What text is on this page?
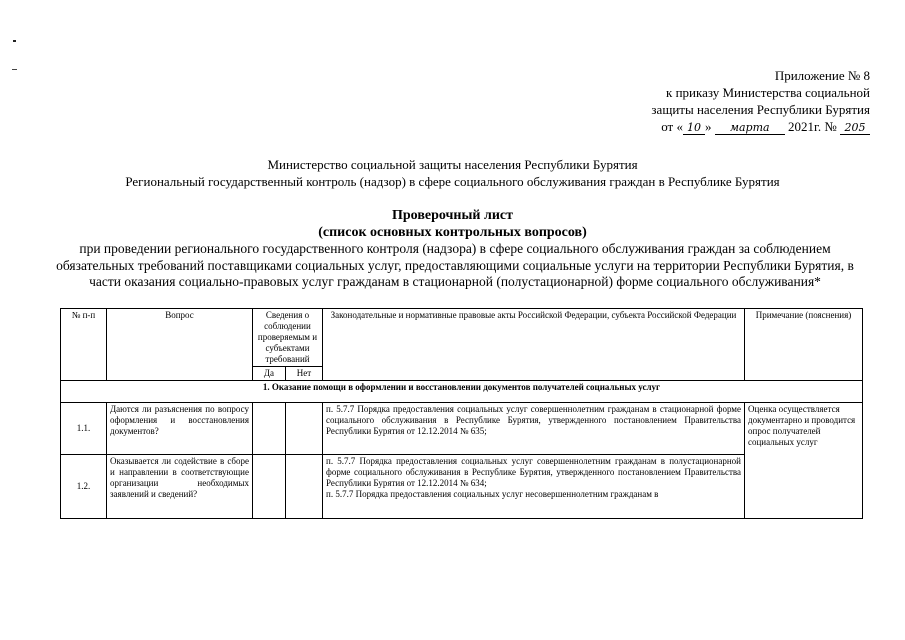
Приложение № 8
к приказу Министерства социальной
защиты населения Республики Бурятия
от « 10 » марта 2021г. № 205
Министерство социальной защиты населения Республики Бурятия
Региональный государственный контроль (надзор) в сфере социального обслуживания граждан в Республике Бурятия
Проверочный лист
(список основных контрольных вопросов)
при проведении регионального государственного контроля (надзора) в сфере социального обслуживания граждан за соблюдением обязательных требований поставщиками социальных услуг, предоставляющими социальные услуги на территории Республики Бурятия, в части оказания социально-правовых услуг гражданам в стационарной (полустационарной) форме социального обслуживания*
№ п-п	Вопрос	Сведения о соблюдении проверяемым и субъектами требований		Законодательные и нормативные правовые акты Российской Федерации, субъекта Российской Федерации	Примечание (пояснения)
		Да	Нет		
1. Оказание помощи в оформлении и восстановлении документов получателей социальных услуг					
1.1.	Даются ли разъяснения по вопросу оформления и восстановления документов?			п. 5.7.7 Порядка предоставления социальных услуг совершеннолетним гражданам в стационарной форме социального обслуживания в Республике Бурятия, утвержденного постановлением Правительства Республики Бурятия от 12.12.2014 № 635;	Оценка осуществляется документарно и проводится опрос получателей социальных услуг
1.2.	Оказывается ли содействие в сборе и направлении в соответствующие организации необходимых заявлений и сведений?			п. 5.7.7 Порядка предоставления социальных услуг совершеннолетним гражданам в полустационарной форме социального обслуживания в Республике Бурятия, утвержденного постановлением Правительства Республики Бурятия от 12.12.2014 № 634;
п. 5.7.7 Порядка предоставления социальных услуг несовершеннолетним гражданам в	
